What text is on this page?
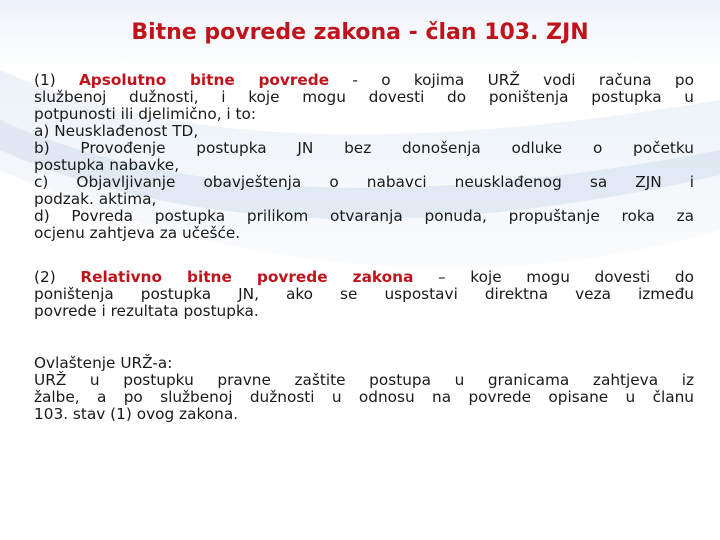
Bitne povrede zakona - član 103. ZJN
(1) Apsolutno bitne povrede - o kojima URŽ vodi računa po
službenoj dužnosti, i koje mogu dovesti do poništenja postupka u
potpunosti ili djelimično, i to:
a) Neusklađenost TD,
b) Provođenje postupka JN bez donošenja odluke o početku
postupka nabavke,
c) Objavljivanje obavještenja o nabavci neusklađenog sa ZJN i
podzak. aktima,
d) Povreda postupka prilikom otvaranja ponuda, propuštanje roka za
ocjenu zahtjeva za učešće.
(2) Relativno bitne povrede zakona – koje mogu dovesti do
poništenja postupka JN, ako se uspostavi direktna veza između
povrede i rezultata postupka.
Ovlaštenje URŽ-a:
URŽ u postupku pravne zaštite postupa u granicama zahtjeva iz
žalbe, a po službenoj dužnosti u odnosu na povrede opisane u članu
103. stav (1) ovog zakona.
